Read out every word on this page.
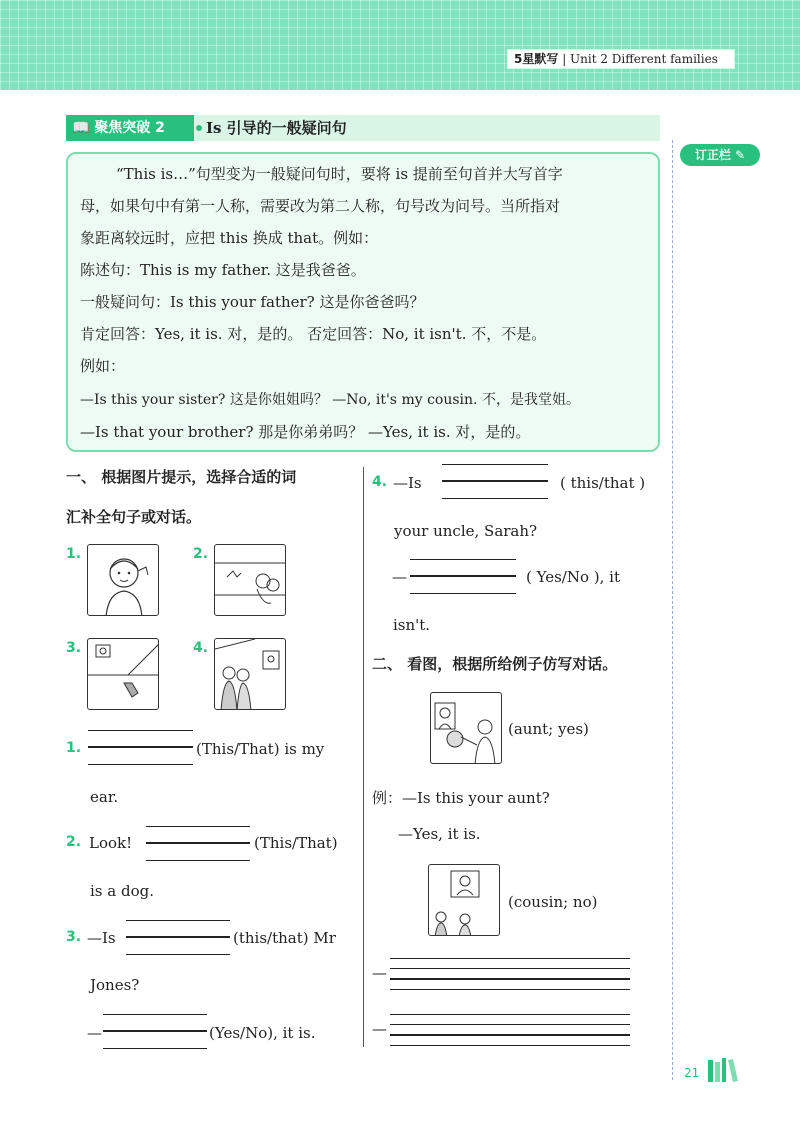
5星默写 | Unit 2 Different families
📖 聚焦突破 2	Is 引导的一般疑问句
订正栏 ✎

“This is…”句型变为一般疑问句时，要将 is 提前至句首并大写首字

母，如果句中有第一人称，需要改为第二人称，句号改为问号。当所指对

象距离较远时，应把 this 换成 that。例如：

陈述句：This is my father. 这是我爸爸。

一般疑问句：Is this your father? 这是你爸爸吗？

肯定回答：Yes, it is. 对，是的。 否定回答：No, it isn't. 不，不是。

例如：

—Is this your sister? 这是你姐姐吗？ —No, it's my cousin. 不，是我堂姐。

—Is that your brother? 那是你弟弟吗？ —Yes, it is. 对，是的。

一、 根据图片提示，选择合适的词
汇补全句子或对话。
1.	2.
3.	4.
1.	(This/That) is my
ear.
2. Look!	(This/That)
is a dog.
3. —Is	(this/that) Mr
Jones?
—	(Yes/No), it is.
4. —Is	( this/that )
your uncle, Sarah?
—	( Yes/No ), it
isn't.
二、 看图，根据所给例子仿写对话。
(aunt; yes)
例：—Is this your aunt?
—Yes, it is.
(cousin; no)
—
—
21
